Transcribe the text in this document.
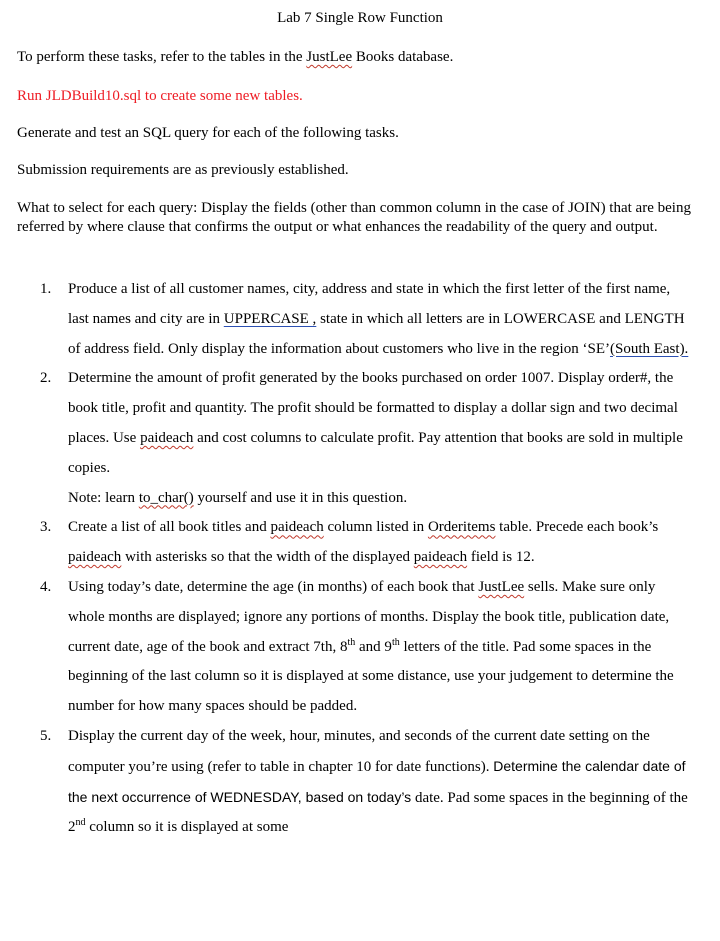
Lab 7 Single Row Function
To perform these tasks, refer to the tables in the JustLee Books database.
Run JLDBuild10.sql to create some new tables.
Generate and test an SQL query for each of the following tasks.
Submission requirements are as previously established.
What to select for each query: Display the fields (other than common column in the case of JOIN) that are being referred by where clause that confirms the output or what enhances the readability of the query and output.
1. Produce a list of all customer names, city, address and state in which the first letter of the first name, last names and city are in UPPERCASE , state in which all letters are in LOWERCASE and LENGTH of address field. Only display the information about customers who live in the region ‘SE’(South East).
2. Determine the amount of profit generated by the books purchased on order 1007. Display order#, the book title, profit and quantity. The profit should be formatted to display a dollar sign and two decimal places. Use paideach and cost columns to calculate profit. Pay attention that books are sold in multiple copies.
Note: learn to_char() yourself and use it in this question.
3. Create a list of all book titles and paideach column listed in Orderitems table. Precede each book’s paideach with asterisks so that the width of the displayed paideach field is 12.
4. Using today’s date, determine the age (in months) of each book that JustLee sells. Make sure only whole months are displayed; ignore any portions of months. Display the book title, publication date, current date, age of the book and extract 7th, 8th and 9th letters of the title. Pad some spaces in the beginning of the last column so it is displayed at some distance, use your judgement to determine the number for how many spaces should be padded.
5. Display the current day of the week, hour, minutes, and seconds of the current date setting on the computer you’re using (refer to table in chapter 10 for date functions). Determine the calendar date of the next occurrence of WEDNESDAY, based on today’s date. Pad some spaces in the beginning of the 2nd column so it is displayed at some
